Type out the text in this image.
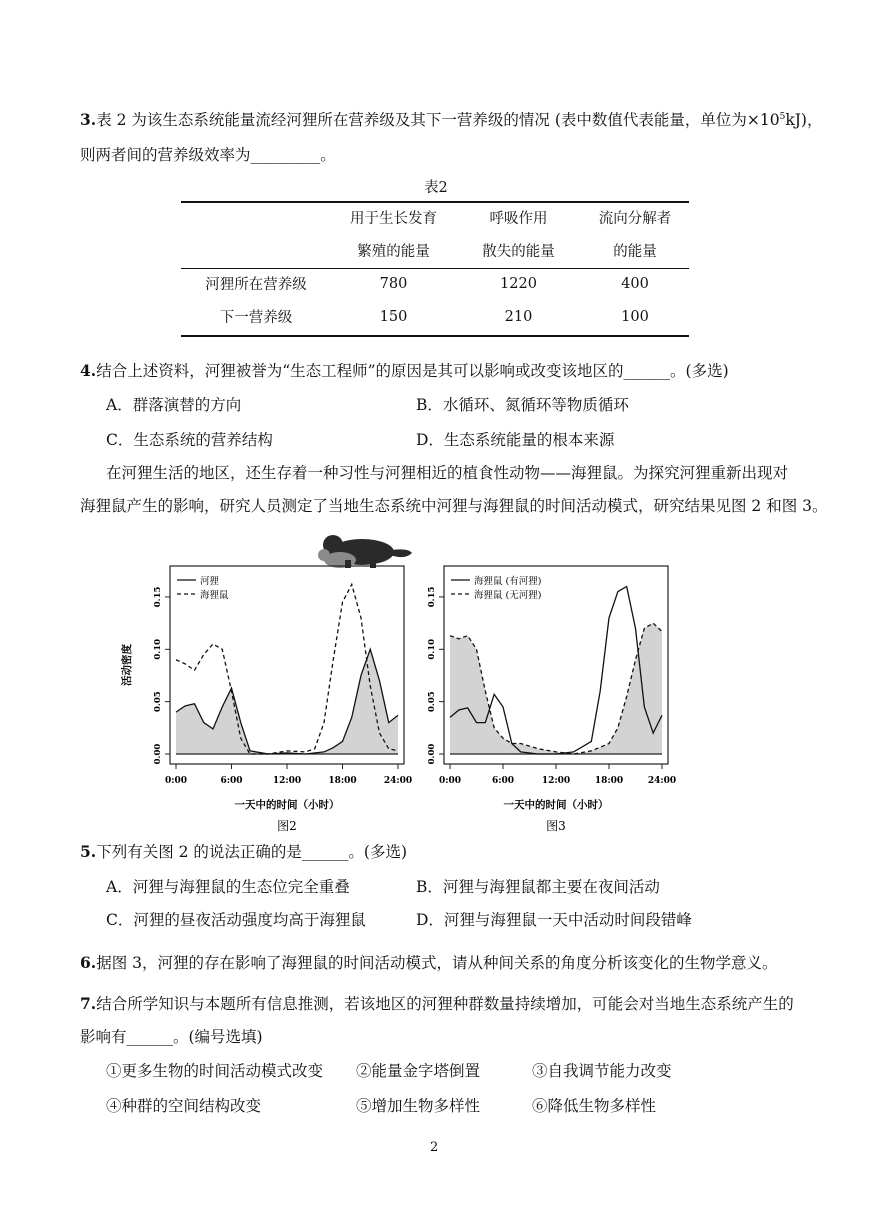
3.表 2 为该生态系统能量流经河狸所在营养级及其下一营养级的情况 (表中数值代表能量，单位为$\times 10^5kJ$)，
则两者间的营养级效率为_________。
表2
	用于生长发育	呼吸作用	流向分解者
	繁殖的能量	散失的能量	的能量
河狸所在营养级	780	1220	400
下一营养级	150	210	100
4.结合上述资料，河狸被誉为“生态工程师”的原因是其可以影响或改变该地区的______。(多选)
A．群落演替的方向	B．水循环、氮循环等物质循环
C．生态系统的营养结构	D．生态系统能量的根本来源
在河狸生活的地区，还生存着一种习性与河狸相近的植食性动物——海狸鼠。为探究河狸重新出现对
海狸鼠产生的影响，研究人员测定了当地生态系统中河狸与海狸鼠的时间活动模式，研究结果见图 2 和图 3。
0:00	6:00	12:00	18:00	24:00
0.00
0.05
0.10
0.15
一天中的时间（小时）
活动密度
河狸
海狸鼠
图2
0:00	6:00	12:00	18:00	24:00
0.00
0.05
0.10
0.15
一天中的时间（小时）
海狸鼠 (有河狸)
海狸鼠 (无河狸)
图3
5.下列有关图 2 的说法正确的是______。(多选)
A．河狸与海狸鼠的生态位完全重叠	B．河狸与海狸鼠都主要在夜间活动
C．河狸的昼夜活动强度均高于海狸鼠	D．河狸与海狸鼠一天中活动时间段错峰
6.据图 3，河狸的存在影响了海狸鼠的时间活动模式，请从种间关系的角度分析该变化的生物学意义。
7.结合所学知识与本题所有信息推测，若该地区的河狸种群数量持续增加，可能会对当地生态系统产生的
影响有______。(编号选填)
①更多生物的时间活动模式改变 ②能量金字塔倒置	③自我调节能力改变
④种群的空间结构改变	⑤增加生物多样性	⑥降低生物多样性
2
